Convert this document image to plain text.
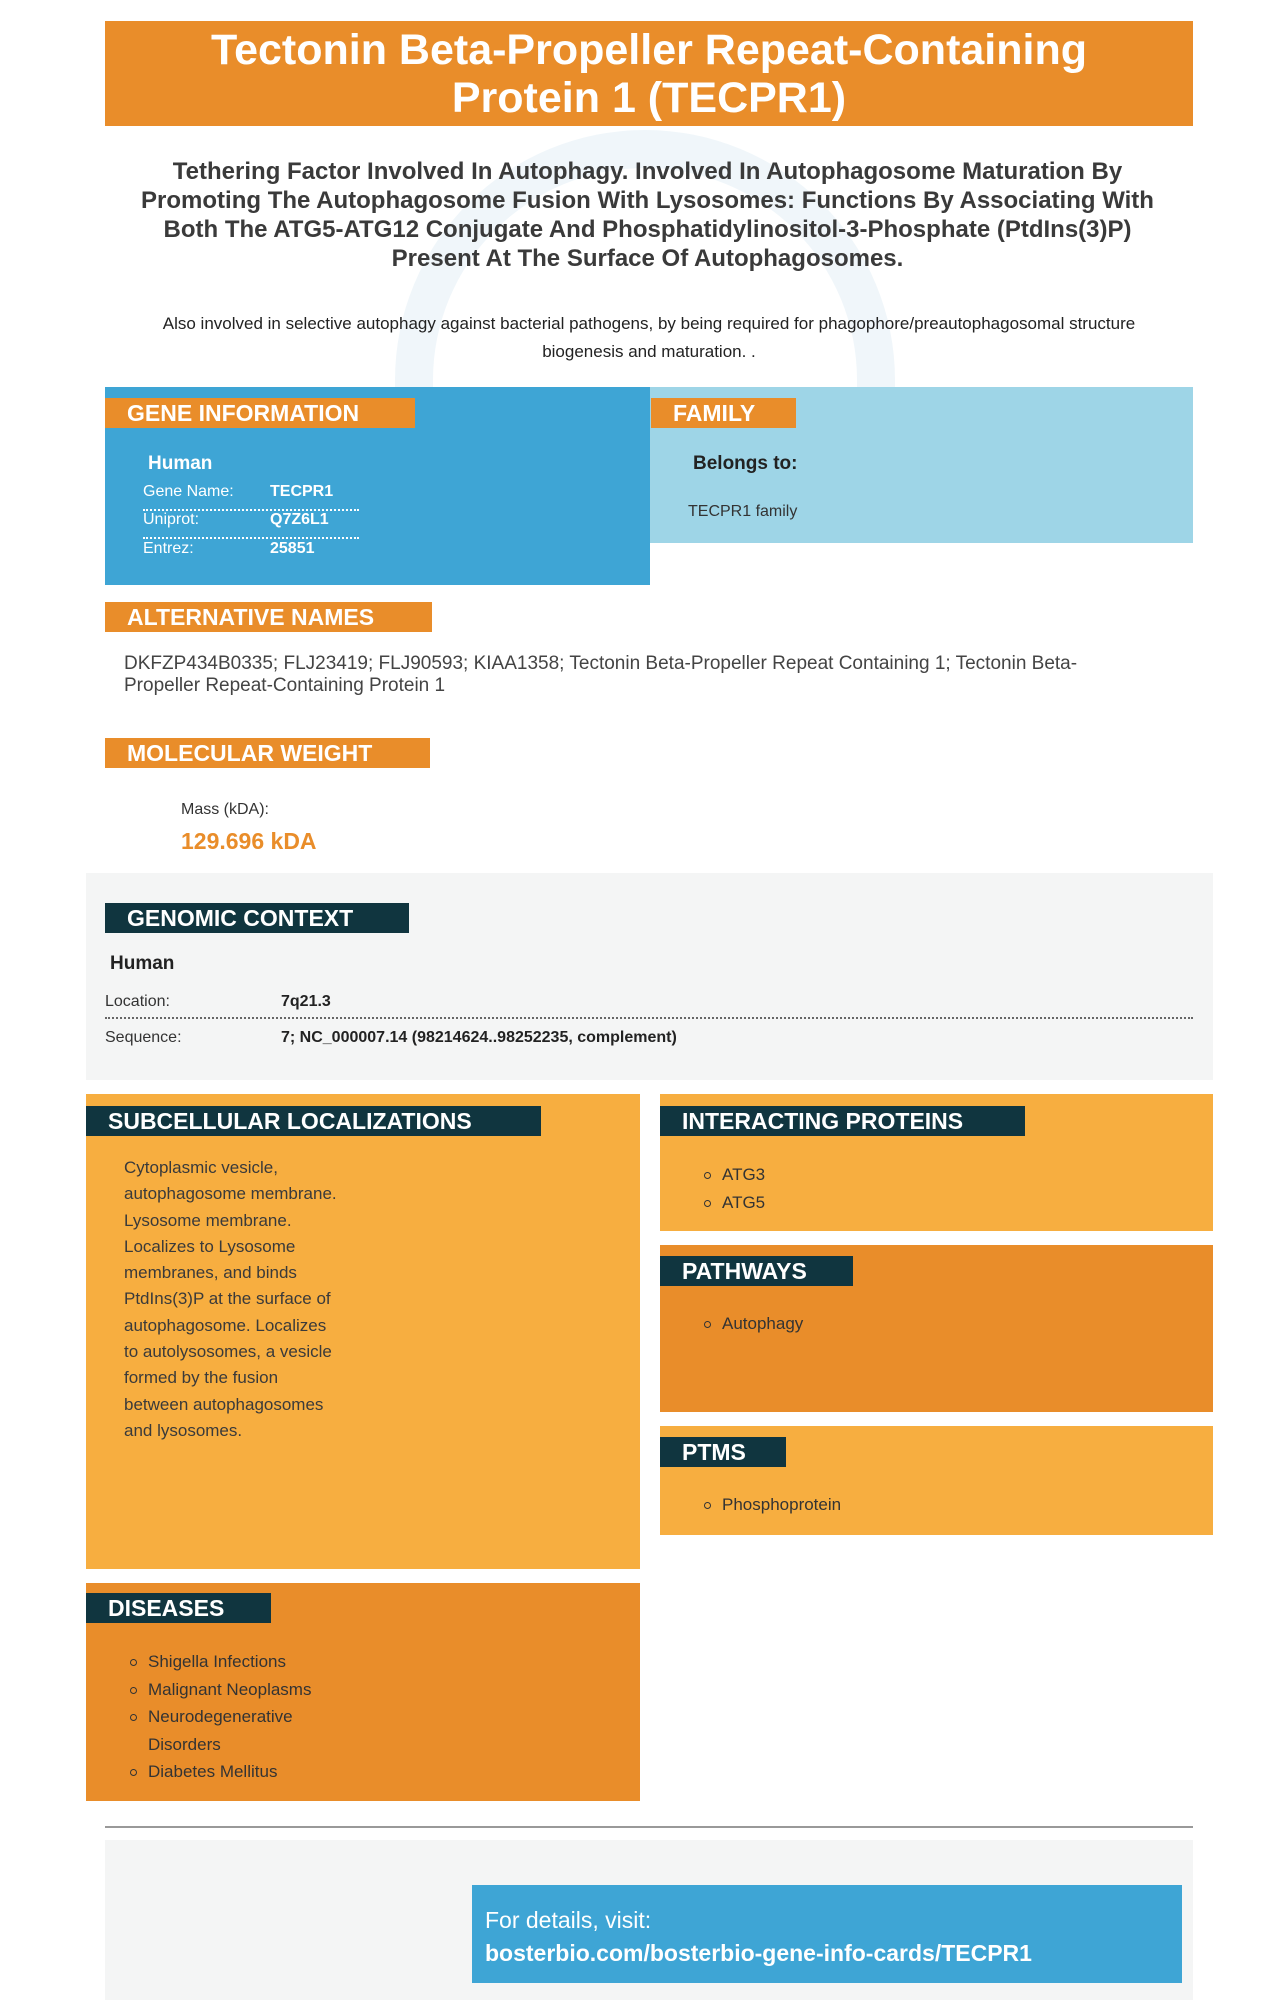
Tectonin Beta-Propeller Repeat-Containing Protein 1 (TECPR1)
Tethering Factor Involved In Autophagy. Involved In Autophagosome Maturation By Promoting The Autophagosome Fusion With Lysosomes: Functions By Associating With Both The ATG5-ATG12 Conjugate And Phosphatidylinositol-3-Phosphate (PtdIns(3)P) Present At The Surface Of Autophagosomes.
Also involved in selective autophagy against bacterial pathogens, by being required for phagophore/preautophagosomal structure biogenesis and maturation. .
GENE INFORMATION
Human
Gene Name:	TECPR1
Uniprot:	Q7Z6L1
Entrez:	25851
FAMILY
Belongs to:
TECPR1 family
ALTERNATIVE NAMES
DKFZP434B0335; FLJ23419; FLJ90593; KIAA1358; Tectonin Beta-Propeller Repeat Containing 1; Tectonin Beta-Propeller Repeat-Containing Protein 1
MOLECULAR WEIGHT
Mass (kDA):
129.696 kDA
GENOMIC CONTEXT
Human
Location:	7q21.3
Sequence:	7; NC_000007.14 (98214624..98252235, complement)
SUBCELLULAR LOCALIZATIONS
Cytoplasmic vesicle, autophagosome membrane. Lysosome membrane. Localizes to Lysosome membranes, and binds PtdIns(3)P at the surface of autophagosome. Localizes to autolysosomes, a vesicle formed by the fusion between autophagosomes and lysosomes.
INTERACTING PROTEINS
ATG3
ATG5
PATHWAYS
Autophagy
PTMS
Phosphoprotein
DISEASES
Shigella Infections
Malignant Neoplasms
Neurodegenerative Disorders
Diabetes Mellitus
For details, visit:
bosterbio.com/bosterbio-gene-info-cards/TECPR1
